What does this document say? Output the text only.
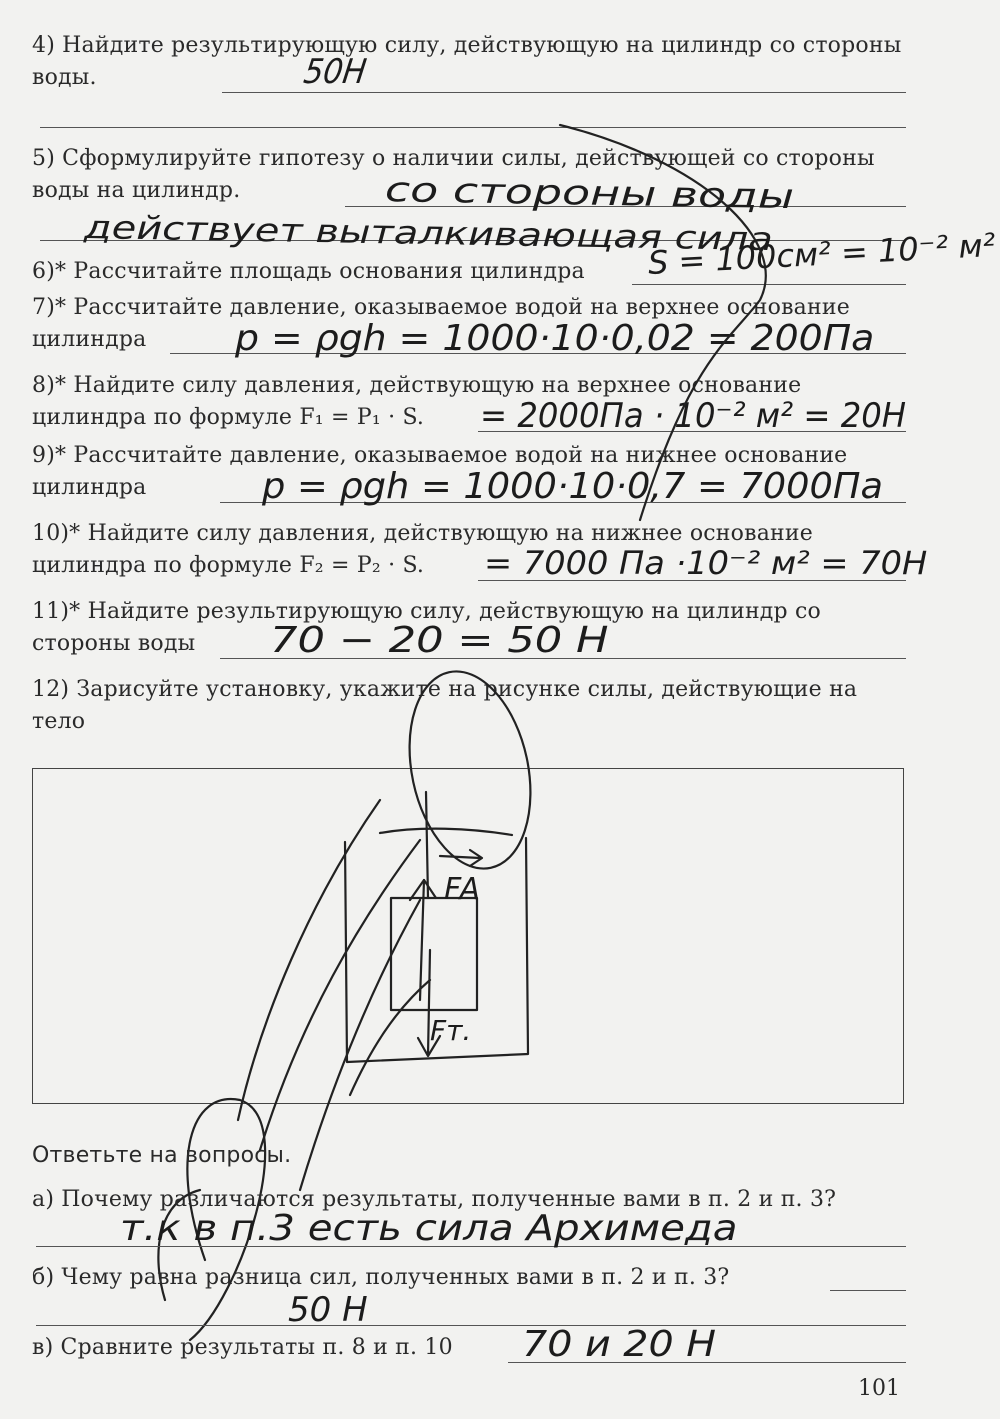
4) Найдите результирующую силу, действующую на цилиндр со стороны воды.	50Н
5) Сформулируйте гипотезу о наличии силы, действующей со стороны воды на цилиндр.	со стороны воды
действует выталкивающая сила
6)* Рассчитайте площадь основания цилиндра	S = 100см² = 10⁻² м²
7)* Рассчитайте давление, оказываемое водой на верхнее основание цилиндра	p = ρgh = 1000·10·0,02 = 200Па
8)* Найдите силу давления, действующую на верхнее основание цилиндра по формуле F₁ = P₁ · S.	= 2000Па · 10⁻² м² = 20Н
9)* Рассчитайте давление, оказываемое водой на нижнее основание цилиндра	p = ρgh = 1000·10·0,7 = 7000Па
10)* Найдите силу давления, действующую на нижнее основание цилиндра по формуле F₂ = P₂ · S.	= 7000 Па ·10⁻² м² = 70Н
11)* Найдите результирующую силу, действующую на цилиндр со стороны воды	70 − 20 = 50 Н
12) Зарисуйте установку, укажите на рисунке силы, действующие на тело
FA
Fт.
Ответьте на вопросы.
а) Почему различаются результаты, полученные вами в п. 2 и п. 3?
т.к в п.3 есть сила Архимеда
б) Чему равна разница сил, полученных вами в п. 2 и п. 3?
50 Н
в) Сравните результаты п. 8 и п. 10	70 и 20 Н
101
